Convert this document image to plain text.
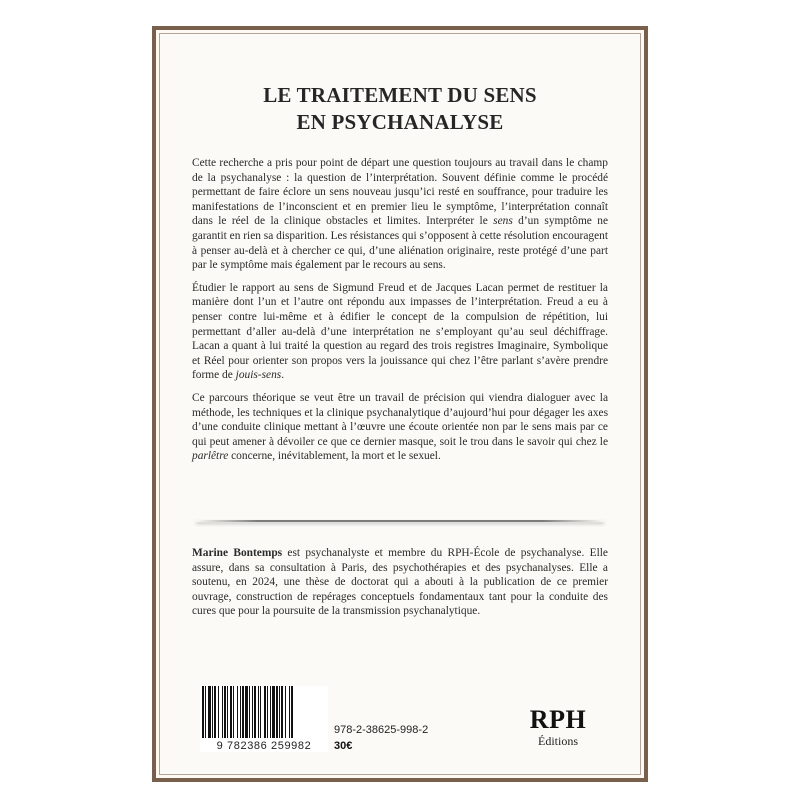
LE TRAITEMENT DU SENS
EN PSYCHANALYSE

Cette recherche a pris pour point de départ une question toujours au travail dans le champ de la psychanalyse : la question de l’interprétation. Souvent définie comme le procédé permettant de faire éclore un sens nouveau jusqu’ici resté en souffrance, pour traduire les manifestations de l’inconscient et en premier lieu le symptôme, l’interprétation connaît dans le réel de la clinique obstacles et limites. Interpréter le sens d’un symptôme ne garantit en rien sa disparition. Les résistances qui s’opposent à cette résolution encouragent à penser au-delà et à chercher ce qui, d’une aliénation originaire, reste protégé d’une part par le symptôme mais également par le recours au sens.

Étudier le rapport au sens de Sigmund Freud et de Jacques Lacan permet de restituer la manière dont l’un et l’autre ont répondu aux impasses de l’interprétation. Freud a eu à penser contre lui-même et à édifier le concept de la compulsion de répétition, lui permettant d’aller au-delà d’une interprétation ne s’employant qu’au seul déchiffrage. Lacan a quant à lui traité la question au regard des trois registres Imaginaire, Symbolique et Réel pour orienter son propos vers la jouissance qui chez l’être parlant s’avère prendre forme de jouis-sens.

Ce parcours théorique se veut être un travail de précision qui viendra dialoguer avec la méthode, les techniques et la clinique psychanalytique d’aujourd’hui pour dégager les axes d’une conduite clinique mettant à l’œuvre une écoute orientée non par le sens mais par ce qui peut amener à dévoiler ce que ce dernier masque, soit le trou dans le savoir qui chez le parlêtre concerne, inévitablement, la mort et le sexuel.

Marine Bontemps est psychanalyste et membre du RPH-École de psychanalyse. Elle assure, dans sa consultation à Paris, des psychothérapies et des psychanalyses. Elle a soutenu, en 2024, une thèse de doctorat qui a abouti à la publication de ce premier ouvrage, construction de repérages conceptuels fondamentaux tant pour la conduite des cures que pour la poursuite de la transmission psychanalytique.

9 782386 259982
978-2-38625-998-2
30€
RPH
Éditions
